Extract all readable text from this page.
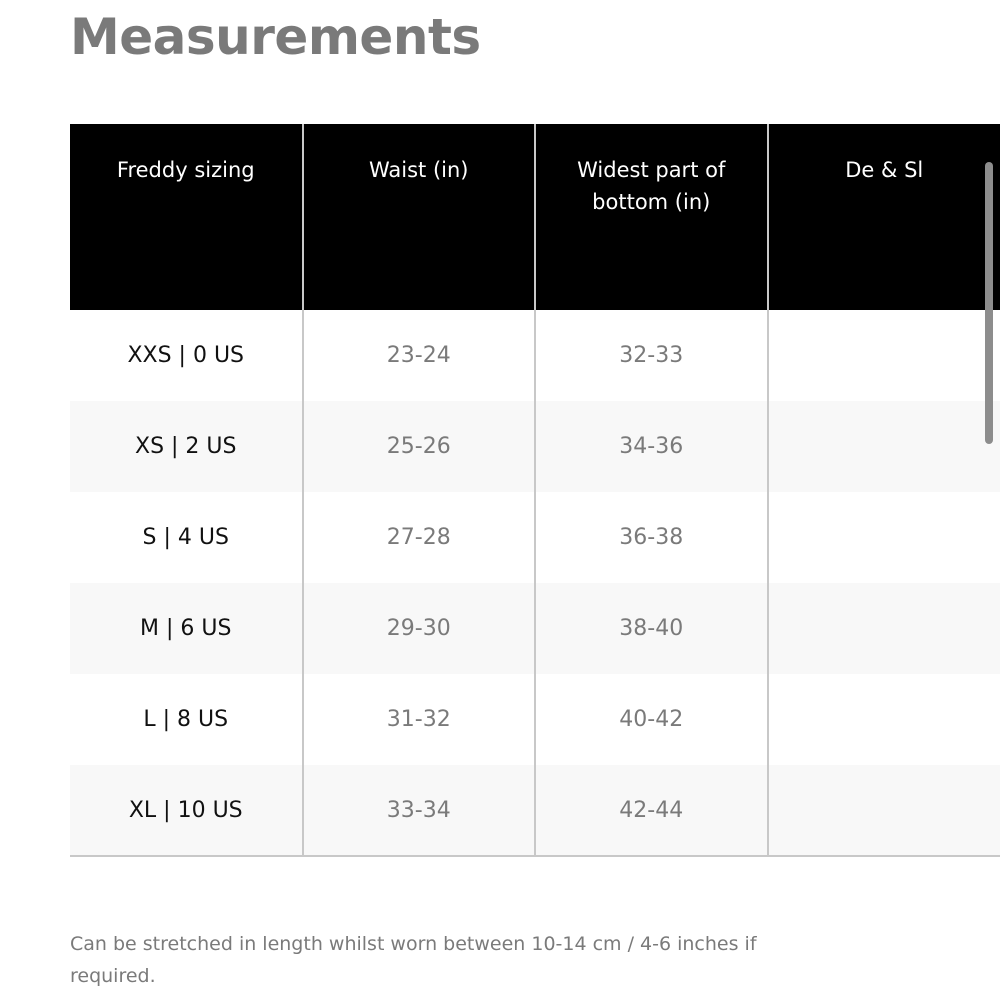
Measurements
Freddy sizing	Waist (in)	Widest part of bottom (in)	De & Sl
XXS | 0 US	23-24	32-33	
XS | 2 US	25-26	34-36	
S | 4 US	27-28	36-38	
M | 6 US	29-30	38-40	
L | 8 US	31-32	40-42	
XL | 10 US	33-34	42-44	

Can be stretched in length whilst worn between 10-14 cm / 4-6 inches if required.
